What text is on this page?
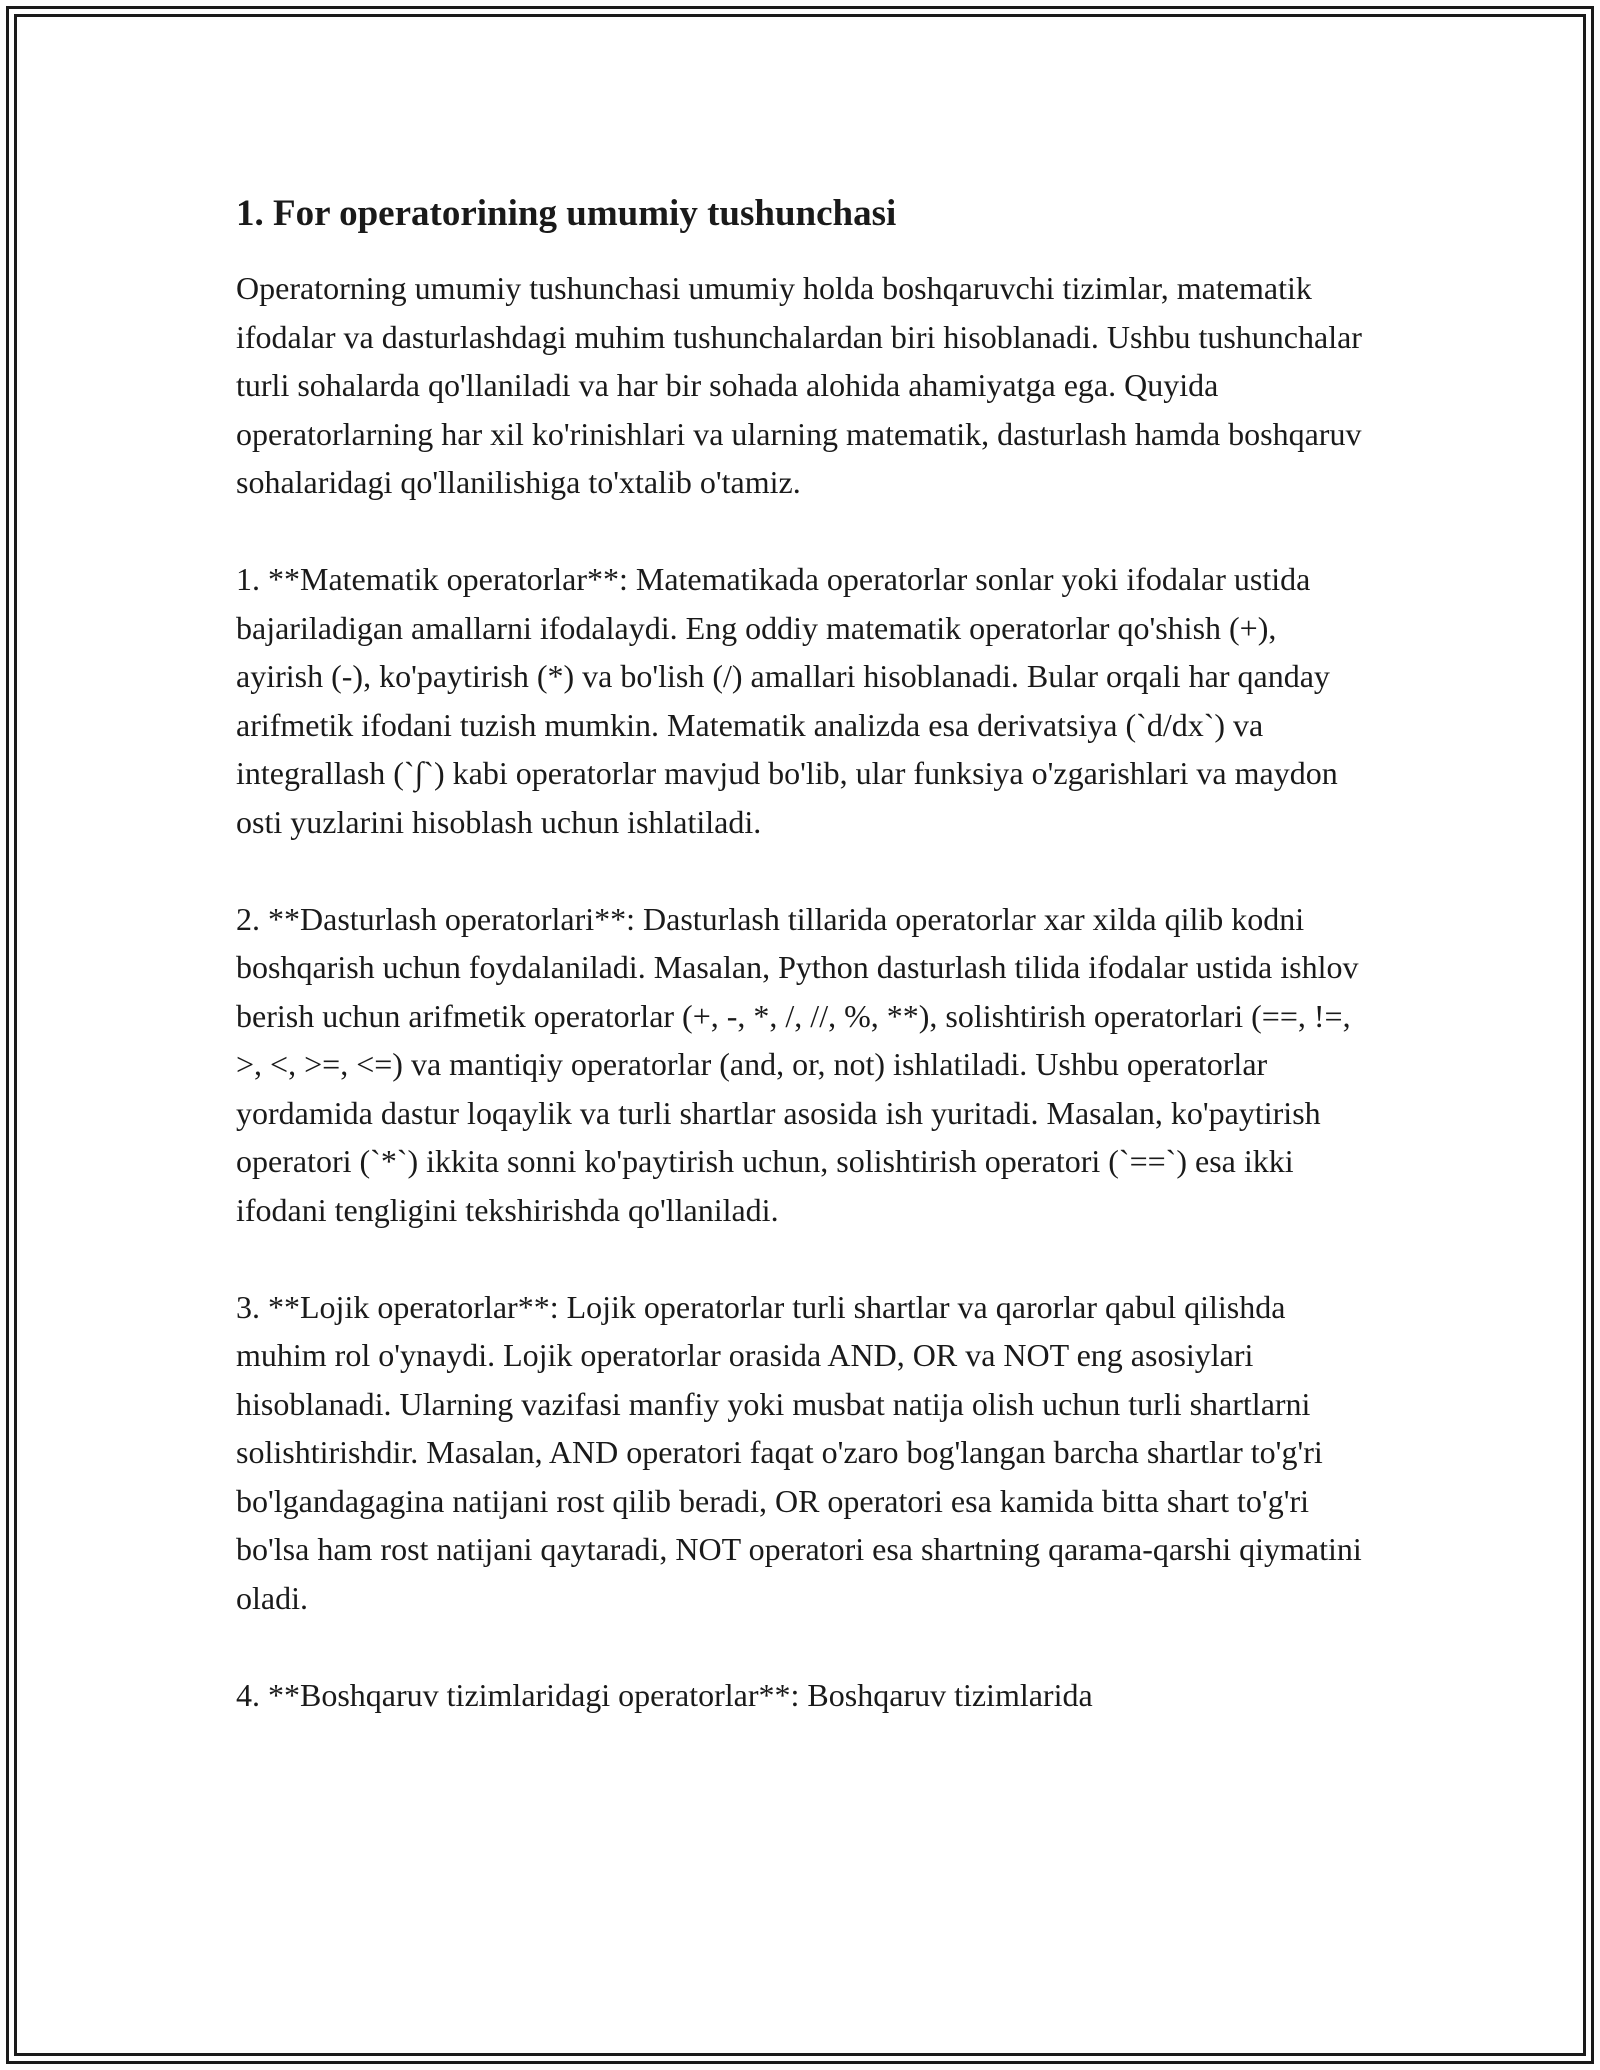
1. For operatorining umumiy tushunchasi

Operatorning umumiy tushunchasi umumiy holda boshqaruvchi tizimlar, matematik ifodalar va dasturlashdagi muhim tushunchalardan biri hisoblanadi. Ushbu tushunchalar turli sohalarda qo'llaniladi va har bir sohada alohida ahamiyatga ega. Quyida operatorlarning har xil ko'rinishlari va ularning matematik, dasturlash hamda boshqaruv sohalaridagi qo'llanilishiga to'xtalib o'tamiz.

1. **Matematik operatorlar**: Matematikada operatorlar sonlar yoki ifodalar ustida bajariladigan amallarni ifodalaydi. Eng oddiy matematik operatorlar qo'shish (+), ayirish (-), ko'paytirish (*) va bo'lish (/) amallari hisoblanadi. Bular orqali har qanday arifmetik ifodani tuzish mumkin. Matematik analizda esa derivatsiya (`d/dx`) va integrallash (`∫`) kabi operatorlar mavjud bo'lib, ular funksiya o'zgarishlari va maydon osti yuzlarini hisoblash uchun ishlatiladi.

2. **Dasturlash operatorlari**: Dasturlash tillarida operatorlar xar xilda qilib kodni boshqarish uchun foydalaniladi. Masalan, Python dasturlash tilida ifodalar ustida ishlov berish uchun arifmetik operatorlar (+, -, *, /, //, %, **), solishtirish operatorlari (==, !=, >, <, >=, <=) va mantiqiy operatorlar (and, or, not) ishlatiladi. Ushbu operatorlar yordamida dastur loqaylik va turli shartlar asosida ish yuritadi. Masalan, ko'paytirish operatori (`*`) ikkita sonni ko'paytirish uchun, solishtirish operatori (`==`) esa ikki ifodani tengligini tekshirishda qo'llaniladi.

3. **Lojik operatorlar**: Lojik operatorlar turli shartlar va qarorlar qabul qilishda muhim rol o'ynaydi. Lojik operatorlar orasida AND, OR va NOT eng asosiylari hisoblanadi. Ularning vazifasi manfiy yoki musbat natija olish uchun turli shartlarni solishtirishdir. Masalan, AND operatori faqat o'zaro bog'langan barcha shartlar to'g'ri bo'lgandagagina natijani rost qilib beradi, OR operatori esa kamida bitta shart to'g'ri bo'lsa ham rost natijani qaytaradi, NOT operatori esa shartning qarama-qarshi qiymatini oladi.

4. **Boshqaruv tizimlaridagi operatorlar**: Boshqaruv tizimlarida
